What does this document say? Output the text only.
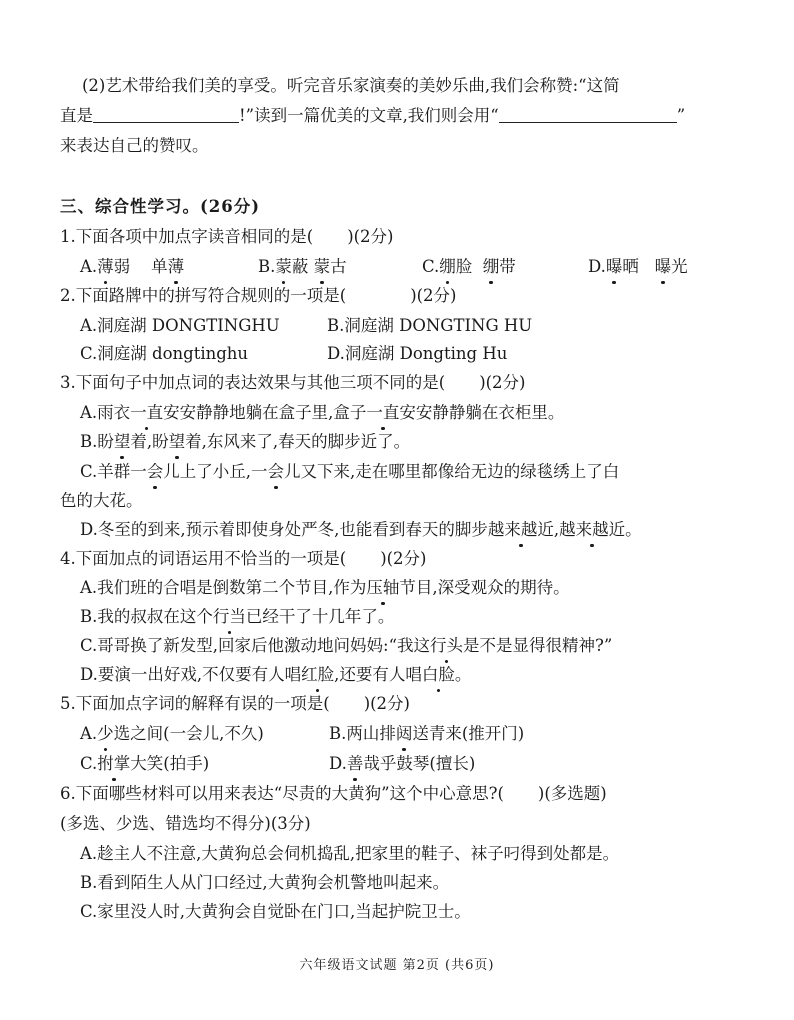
(2)艺术带给我们美的享受。听完音乐家演奏的美妙乐曲,我们会称赞:“这简
直是	!”读到一篇优美的文章,我们则会用“	”
来表达自己的赞叹。
三、综合性学习。(26分)
1.下面各项中加点字读音相同的是( )(2分)
A.薄弱 单薄	B.蒙蔽 蒙古	C.绷脸 绷带	D.曝晒 曝光
2.下面路牌中的拼写符合规则的一项是(	)(2分)
A.洞庭湖 DONGTINGHU	B.洞庭湖 DONGTING HU
C.洞庭湖 dongtinghu	D.洞庭湖 Dongting Hu
3.下面句子中加点词的表达效果与其他三项不同的是( )(2分)
A.雨衣一直安安静静地躺在盒子里,盒子一直安安静静躺在衣柜里。
B.盼望着,盼望着,东风来了,春天的脚步近了。
C.羊群一会儿上了小丘,一会儿又下来,走在哪里都像给无边的绿毯绣上了白
色的大花。
D.冬至的到来,预示着即使身处严冬,也能看到春天的脚步越来越近,越来越近。
4.下面加点的词语运用不恰当的一项是( )(2分)
A.我们班的合唱是倒数第二个节目,作为压轴节目,深受观众的期待。
B.我的叔叔在这个行当已经干了十几年了。
C.哥哥换了新发型,回家后他激动地问妈妈:“我这行头是不是显得很精神?”
D.要演一出好戏,不仅要有人唱红脸,还要有人唱白脸。
5.下面加点字词的解释有误的一项是( )(2分)
A.少选之间(一会儿,不久)	B.两山排闼送青来(推开门)
C.拊掌大笑(拍手)	D.善哉乎鼓琴(擅长)
6.下面哪些材料可以用来表达“尽责的大黄狗”这个中心意思?( )(多选题)
(多选、少选、错选均不得分)(3分)
A.趁主人不注意,大黄狗总会伺机捣乱,把家里的鞋子、袜子叼得到处都是。
B.看到陌生人从门口经过,大黄狗会机警地叫起来。
C.家里没人时,大黄狗会自觉卧在门口,当起护院卫士。
六年级语文试题 第2页 (共6页)
